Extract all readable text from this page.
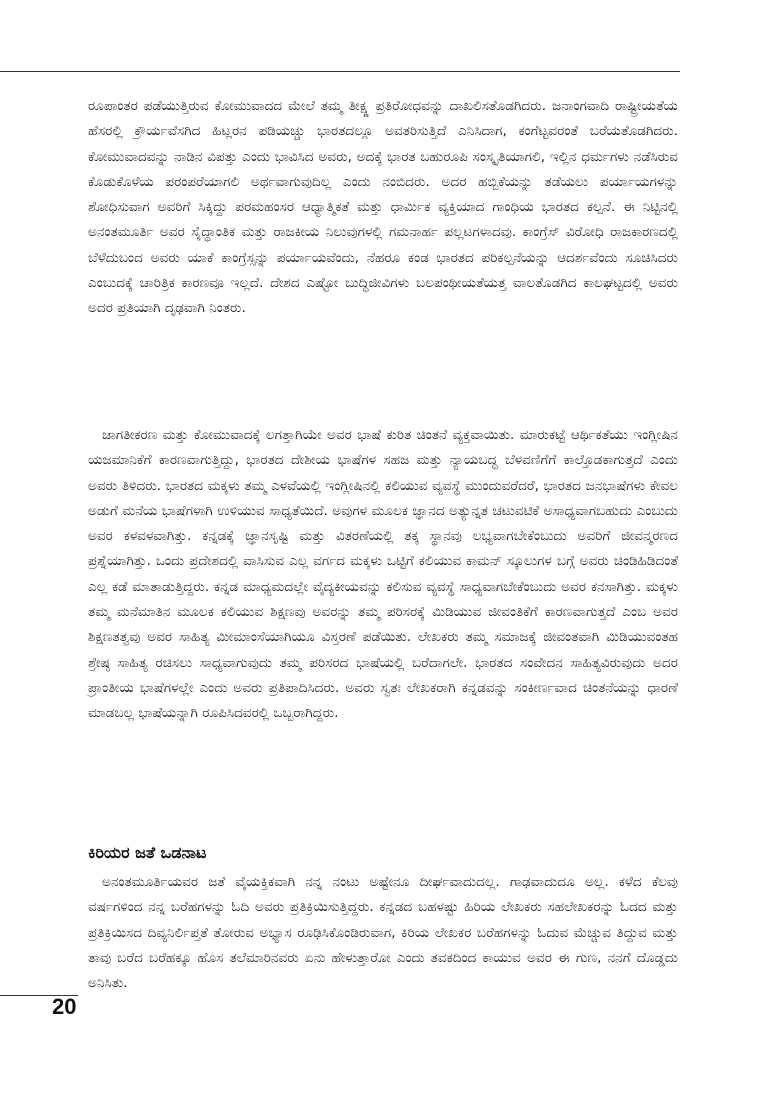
ರೂಪಾಂತರ ಪಡೆಯುತ್ತಿರುವ ಕೋಮುವಾದದ ಮೇಲೆ ತಮ್ಮ ತೀಕ್ಷ್ಣ ಪ್ರತಿರೋಧವನ್ನು ದಾಖಲಿಸತೊಡಗಿದರು. ಜನಾಂಗವಾದಿ ರಾಷ್ಟ್ರೀಯತೆಯ ಹೆಸರಲ್ಲಿ ಕ್ರೌರ್ಯವೆಸಗಿದ ಹಿಟ್ಲರನ ಪಡಿಯಚ್ಚು ಭಾರತದಲ್ಲೂ ಅವತರಿಸುತ್ತಿದೆ ಎನಿಸಿದಾಗ, ಕಂಗೆಟ್ಟವರಂತೆ ಬರೆಯತೊಡಗಿದರು. ಕೋಮುವಾದವನ್ನು ನಾಡಿನ ವಿಪತ್ತು ಎಂದು ಭಾವಿಸಿದ ಅವರು, ಅದಕ್ಕೆ ಭಾರತ ಬಹುರೂಪಿ ಸಂಸ್ಕೃತಿಯಾಗಲಿ, ಇಲ್ಲಿನ ಧರ್ಮಗಳು ನಡೆಸಿರುವ ಕೊಡುಕೊಳೆಯ ಪರಂಪರೆಯಾಗಲಿ ಅರ್ಥವಾಗುವುದಿಲ್ಲ ಎಂದು ನಂಬಿದರು. ಅದರ ಹಬ್ಬಿಕೆಯನ್ನು ತಡೆಯಲು ಪರ್ಯಾಯಗಳನ್ನು ಶೋಧಿಸುವಾಗ ಅವರಿಗೆ ಸಿಕ್ಕಿದ್ದು ಪರಮಹಂಸರ ಆಧ್ಯಾತ್ಮಿಕತೆ ಮತ್ತು ಧಾರ್ಮಿಕ ವ್ಯಕ್ತಿಯಾದ ಗಾಂಧಿಯ ಭಾರತದ ಕಲ್ಪನೆ. ಈ ನಿಟ್ಟಿನಲ್ಲಿ ಅನಂತಮೂರ್ತಿ ಅವರ ಸೈದ್ಧಾಂತಿಕ ಮತ್ತು ರಾಜಕೀಯ ನಿಲುವುಗಳಲ್ಲಿ ಗಮನಾರ್ಹ ಪಲ್ಲಟಗಳಾದವು. ಕಾಂಗ್ರೆಸ್ ವಿರೋಧಿ ರಾಜಕಾರಣದಲ್ಲಿ ಬೆಳೆದುಬಂದ ಅವರು ಯಾಕೆ ಕಾಂಗ್ರೆಸ್ಸನ್ನು ಪರ್ಯಾಯವೆಂದು, ನೆಹರೂ ಕಂಡ ಭಾರತದ ಪರಿಕಲ್ಪನೆಯನ್ನು ಆದರ್ಶವೆಂದು ಸೂಚಿಸಿದರು ಎಂಬುದಕ್ಕೆ ಚಾರಿತ್ರಿಕ ಕಾರಣವೂ ಇಲ್ಲದೆ. ದೇಶದ ಎಷ್ಟೋ ಬುದ್ಧಿಜೀವಿಗಳು ಬಲಪಂಥೀಯತೆಯತ್ತ ವಾಲತೊಡಗಿದ ಕಾಲಘಟ್ಟದಲ್ಲಿ ಅವರು ಅದರ ಪ್ರತಿಯಾಗಿ ದೃಢವಾಗಿ ನಿಂತರು.

ಜಾಗತೀಕರಣ ಮತ್ತು ಕೋಮುವಾದಕ್ಕೆ ಲಗತ್ತಾಗಿಯೇ ಅವರ ಭಾಷೆ ಕುರಿತ ಚಿಂತನೆ ವ್ಯಕ್ತವಾಯಿತು. ಮಾರುಕಟ್ಟೆ ಆರ್ಥಿಕತೆಯು ಇಂಗ್ಲೀಷಿನ ಯಜಮಾನಿಕೆಗೆ ಕಾರಣವಾಗುತ್ತಿದ್ದು, ಭಾರತದ ದೇಶೀಯ ಭಾಷೆಗಳ ಸಹಜ ಮತ್ತು ನ್ಯಾಯಬದ್ಧ ಬೆಳವಣಿಗೆಗೆ ಕಾಲ್ತೊಡಕಾಗುತ್ತದೆ ಎಂದು ಅವರು ತಿಳಿದರು. ಭಾರತದ ಮಕ್ಕಳು ತಮ್ಮ ಎಳವೆಯಲ್ಲಿ ಇಂಗ್ಲೀಷಿನಲ್ಲಿ ಕಲಿಯುವ ವ್ಯವಸ್ಥೆ ಮುಂದುವರೆದರೆ, ಭಾರತದ ಜನಭಾಷೆಗಳು ಕೇವಲ ಅಡುಗೆ ಮನೆಯ ಭಾಷೆಗಳಾಗಿ ಉಳಿಯುವ ಸಾಧ್ಯತೆಯಿದೆ. ಅವುಗಳ ಮೂಲಕ ಜ್ಞಾನದ ಅತ್ಯುನ್ನತ ಚಟುವಟಿಕೆ ಅಸಾಧ್ಯವಾಗಬಹುದು ಎಂಬುದು ಅವರ ಕಳವಳವಾಗಿತ್ತು. ಕನ್ನಡಕ್ಕೆ ಜ್ಞಾನಸೃಷ್ಟಿ ಮತ್ತು ವಿತರಣೆಯಲ್ಲಿ ತಕ್ಕ ಸ್ಥಾನವು ಲಭ್ಯವಾಗಬೇಕೆಂಬುದು ಅವರಿಗೆ ಜೀವನ್ಮರಣದ ಪ್ರಶ್ನೆಯಾಗಿತ್ತು. ಒಂದು ಪ್ರದೇಶದಲ್ಲಿ ವಾಸಿಸುವ ಎಲ್ಲ ವರ್ಗದ ಮಕ್ಕಳು ಒಟ್ಟಿಗೆ ಕಲಿಯುವ ಕಾಮನ್ ಸ್ಕೂಲುಗಳ ಬಗ್ಗೆ ಅವರು ಚಿಂಡಿಹಿಡಿದಂತೆ ಎಲ್ಲ ಕಡೆ ಮಾತಾಡುತ್ತಿದ್ದರು. ಕನ್ನಡ ಮಾಧ್ಯಮದಲ್ಲೇ ವೈದ್ಯಕೀಯವನ್ನು ಕಲಿಸುವ ವ್ಯವಸ್ಥೆ ಸಾಧ್ಯವಾಗಬೇಕೆಂಬುದು ಅವರ ಕನಸಾಗಿತ್ತು. ಮಕ್ಕಳು ತಮ್ಮ ಮನೆಮಾತಿನ ಮೂಲಕ ಕಲಿಯುವ ಶಿಕ್ಷಣವು ಅವರನ್ನು ತಮ್ಮ ಪರಿಸರಕ್ಕೆ ಮಿಡಿಯುವ ಜೀವಂತಿಕೆಗೆ ಕಾರಣವಾಗುತ್ತದೆ ಎಂಬ ಅವರ ಶಿಕ್ಷಣತತ್ವವು ಅವರ ಸಾಹಿತ್ಯ ಮೀಮಾಂಸೆಯಾಗಿಯೂ ವಿಸ್ತರಣೆ ಪಡೆಯಿತು. ಲೇಖಕರು ತಮ್ಮ ಸಮಾಜಕ್ಕೆ ಜೀವಂತವಾಗಿ ಮಿಡಿಯುವಂತಹ ಶ್ರೇಷ್ಠ ಸಾಹಿತ್ಯ ರಚಿಸಲು ಸಾಧ್ಯವಾಗುವುದು ತಮ್ಮ ಪರಿಸರದ ಭಾಷೆಯಲ್ಲಿ ಬರೆದಾಗಲೇ. ಭಾರತದ ಸಂವೇದನ ಸಾಹಿತ್ಯವಿರುವುದು ಅದರ ಪ್ರಾಂತೀಯ ಭಾಷೆಗಳಲ್ಲೇ ಎಂದು ಅವರು ಪ್ರತಿಪಾದಿಸಿದರು. ಅವರು ಸ್ವತಃ ಲೇಖಕರಾಗಿ ಕನ್ನಡವನ್ನು ಸಂಕೀರ್ಣವಾದ ಚಿಂತನೆಯನ್ನು ಧಾರಣೆ ಮಾಡಬಲ್ಲ ಭಾಷೆಯನ್ನಾಗಿ ರೂಪಿಸಿದವರಲ್ಲಿ ಒಬ್ಬರಾಗಿದ್ದರು.

ಕಿರಿಯರ ಜತೆ ಒಡನಾಟ

ಅನಂತಮೂರ್ತಿಯವರ ಜತೆ ವೈಯಕ್ತಿಕವಾಗಿ ನನ್ನ ನಂಟು ಅಷ್ಟೇನೂ ದೀರ್ಘವಾದುದಲ್ಲ. ಗಾಢವಾದುದೂ ಅಲ್ಲ. ಕಳೆದ ಕೆಲವು ವರ್ಷಗಳಿಂದ ನನ್ನ ಬರೆಹಗಳನ್ನು ಓದಿ ಅವರು ಪ್ರತಿಕ್ರಿಯಿಸುತ್ತಿದ್ದರು. ಕನ್ನಡದ ಬಹಳಷ್ಟು ಹಿರಿಯ ಲೇಖಕರು ಸಹಲೇಖಕರನ್ನು ಓದದ ಮತ್ತು ಪ್ರತಿಕ್ರಿಯಿಸದ ದಿವ್ಯನಿರ್ಲಿಪ್ತತೆ ತೋರುವ ಅಭ್ಯಾಸ ರೂಢಿಸಿಕೊಂಡಿರುವಾಗ, ಕಿರಿಯ ಲೇಖಕರ ಬರೆಹಗಳನ್ನು ಓದುವ ಮೆಚ್ಚುವ ತಿದ್ದುವ ಮತ್ತು ತಾವು ಬರೆದ ಬರೆಹಕ್ಕೂ ಹೊಸ ತಲೆಮಾರಿನವರು ಏನು ಹೇಳುತ್ತಾರೋ ಎಂದು ತವಕದಿಂದ ಕಾಯುವ ಅವರ ಈ ಗುಣ, ನನಗೆ ದೊಡ್ಡದು ಅನಿಸಿತು.

20
